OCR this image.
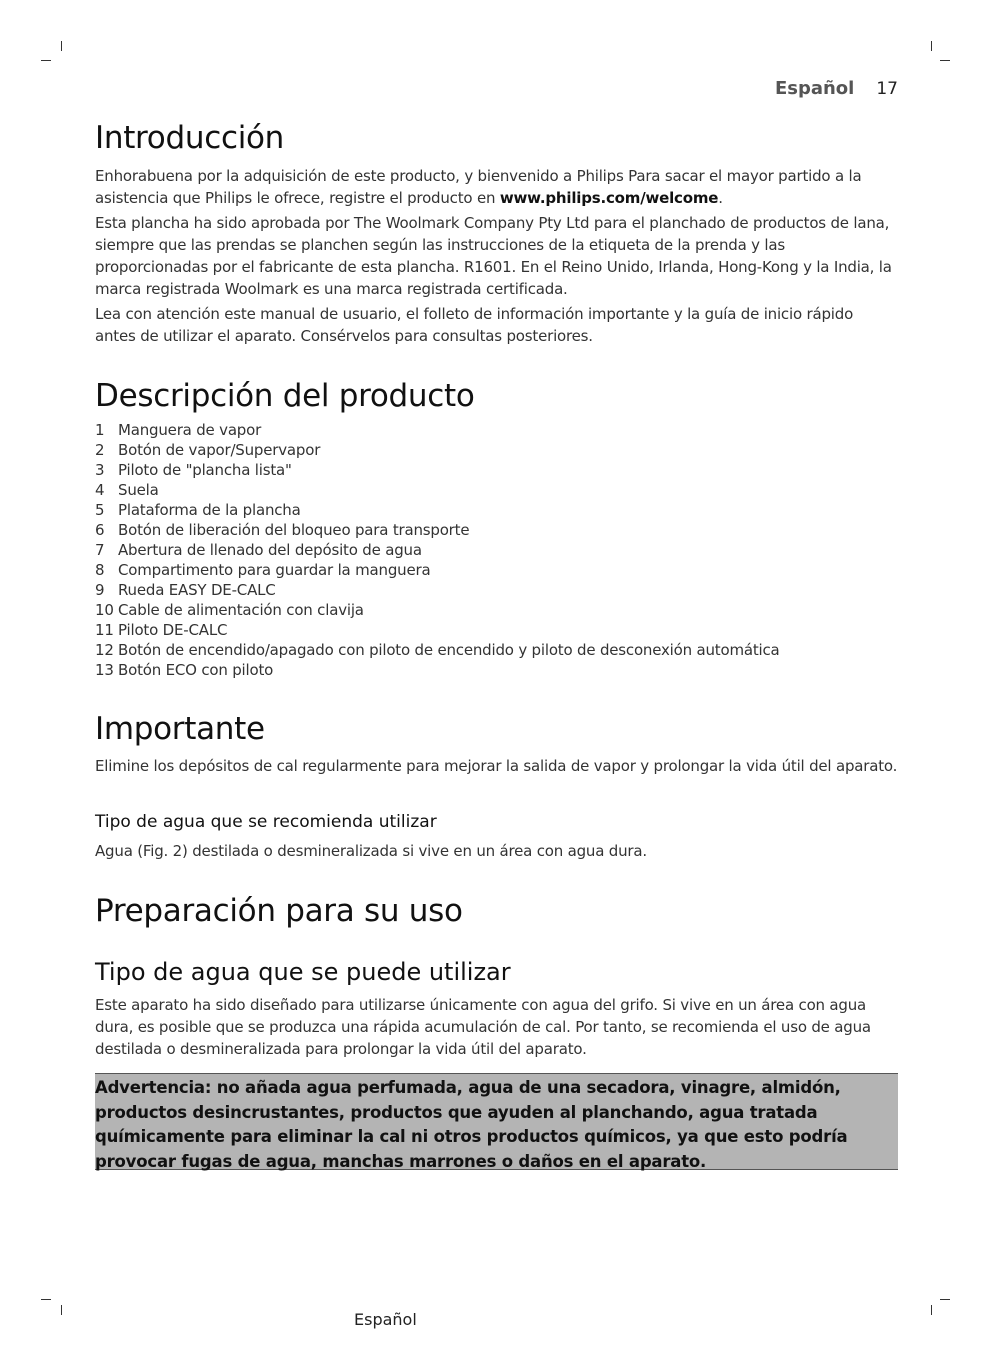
Español 17
Introducción

Enhorabuena por la adquisición de este producto, y bienvenido a Philips Para sacar el mayor partido a la asistencia que Philips le ofrece, registre el producto en www.philips.com/welcome.

Esta plancha ha sido aprobada por The Woolmark Company Pty Ltd para el planchado de productos de lana, siempre que las prendas se planchen según las instrucciones de la etiqueta de la prenda y las proporcionadas por el fabricante de esta plancha. R1601. En el Reino Unido, Irlanda, Hong-Kong y la India, la marca registrada Woolmark es una marca registrada certificada.

Lea con atención este manual de usuario, el folleto de información importante y la guía de inicio rápido antes de utilizar el aparato. Consérvelos para consultas posteriores.

Descripción del producto
1 Manguera de vapor
2 Botón de vapor/Supervapor
3 Piloto de "plancha lista"
4 Suela
5 Plataforma de la plancha
6 Botón de liberación del bloqueo para transporte
7 Abertura de llenado del depósito de agua
8 Compartimento para guardar la manguera
9 Rueda EASY DE-CALC
10 Cable de alimentación con clavija
11 Piloto DE-CALC
12 Botón de encendido/apagado con piloto de encendido y piloto de desconexión automática
13 Botón ECO con piloto
Importante

Elimine los depósitos de cal regularmente para mejorar la salida de vapor y prolongar la vida útil del aparato.

Tipo de agua que se recomienda utilizar

Agua (Fig. 2) destilada o desmineralizada si vive en un área con agua dura.

Preparación para su uso
Tipo de agua que se puede utilizar

Este aparato ha sido diseñado para utilizarse únicamente con agua del grifo. Si vive en un área con agua dura, es posible que se produzca una rápida acumulación de cal. Por tanto, se recomienda el uso de agua destilada o desmineralizada para prolongar la vida útil del aparato.

Advertencia: no añada agua perfumada, agua de una secadora, vinagre, almidón, productos desincrustantes, productos que ayuden al planchando, agua tratada químicamente para eliminar la cal ni otros productos químicos, ya que esto podría provocar fugas de agua, manchas marrones o daños en el aparato.
Español
